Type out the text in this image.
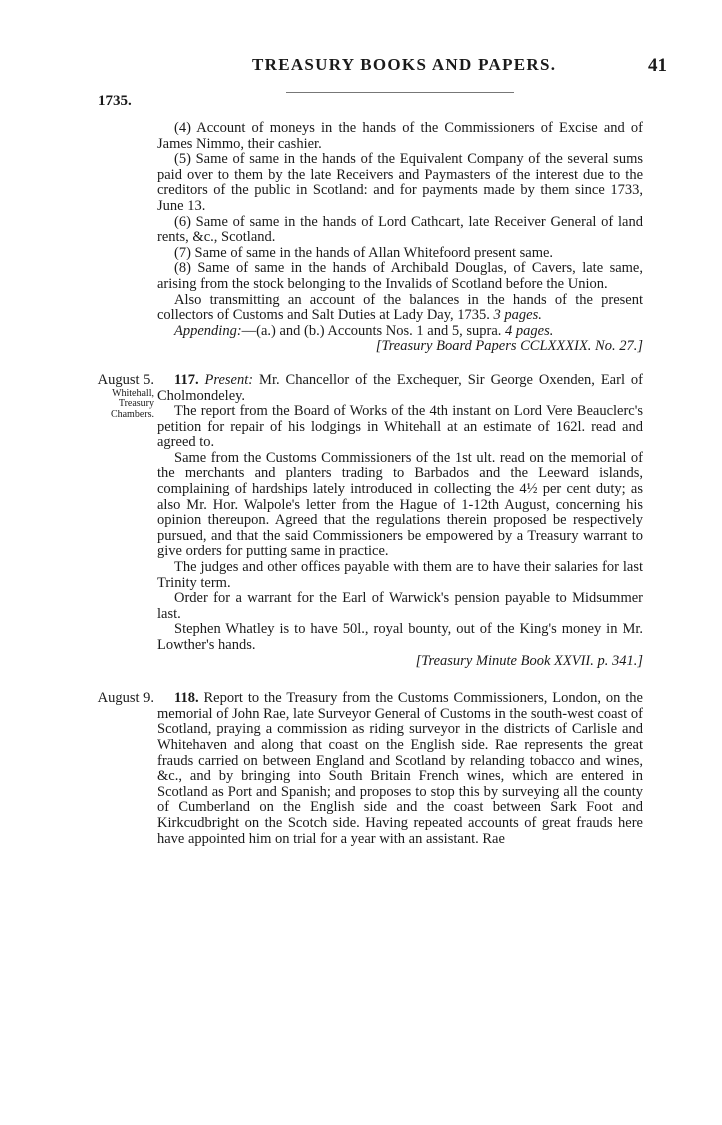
TREASURY BOOKS AND PAPERS.	41
1735.

(4) Account of moneys in the hands of the Commissioners of Excise and of James Nimmo, their cashier.

(5) Same of same in the hands of the Equivalent Company of the several sums paid over to them by the late Receivers and Paymasters of the interest due to the creditors of the public in Scotland: and for payments made by them since 1733, June 13.

(6) Same of same in the hands of Lord Cathcart, late Receiver General of land rents, &c., Scotland.

(7) Same of same in the hands of Allan Whitefoord present same.

(8) Same of same in the hands of Archibald Douglas, of Cavers, late same, arising from the stock belonging to the Invalids of Scotland before the Union.

Also transmitting an account of the balances in the hands of the present collectors of Customs and Salt Duties at Lady Day, 1735. 3 pages.

Appending:—(a.) and (b.) Accounts Nos. 1 and 5, supra. 4 pages.

[Treasury Board Papers CCLXXXIX. No. 27.]

August 5.
Whitehall, Treasury Chambers.

117. Present: Mr. Chancellor of the Exchequer, Sir George Oxenden, Earl of Cholmondeley.

The report from the Board of Works of the 4th instant on Lord Vere Beauclerc's petition for repair of his lodgings in Whitehall at an estimate of 162l. read and agreed to.

Same from the Customs Commissioners of the 1st ult. read on the memorial of the merchants and planters trading to Barbados and the Leeward islands, complaining of hardships lately introduced in collecting the 4½ per cent duty; as also Mr. Hor. Walpole's letter from the Hague of 1-12th August, concerning his opinion thereupon. Agreed that the regulations therein proposed be respectively pursued, and that the said Commissioners be empowered by a Treasury warrant to give orders for putting same in practice.

The judges and other offices payable with them are to have their salaries for last Trinity term.

Order for a warrant for the Earl of Warwick's pension payable to Midsummer last.

Stephen Whatley is to have 50l., royal bounty, out of the King's money in Mr. Lowther's hands.

[Treasury Minute Book XXVII. p. 341.]

August 9.	118. Report to the Treasury from the Customs Commissioners, London, on the memorial of John Rae, late Surveyor General of Customs in the south-west coast of Scotland, praying a commission as riding surveyor in the districts of Carlisle and Whitehaven and along that coast on the English side. Rae represents the great frauds carried on between England and Scotland by relanding tobacco and wines, &c., and by bringing into South Britain French wines, which are entered in Scotland as Port and Spanish; and proposes to stop this by surveying all the county of Cumberland on the English side and the coast between Sark Foot and Kirkcudbright on the Scotch side. Having repeated accounts of great frauds here have appointed him on trial for a year with an assistant. Rae
